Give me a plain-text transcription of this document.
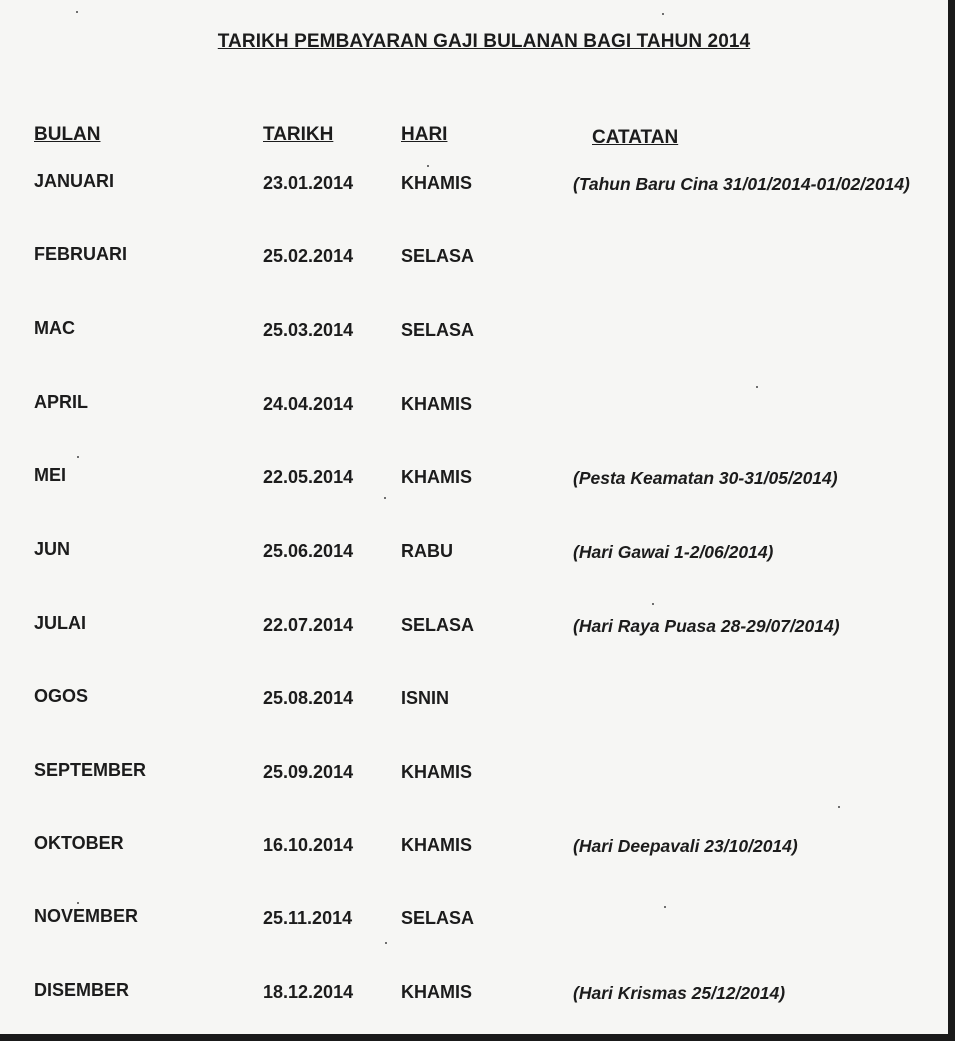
TARIKH PEMBAYARAN GAJI BULANAN BAGI TAHUN 2014
BULAN	TARIKH	HARI	CATATAN
JANUARI	23.01.2014	KHAMIS	(Tahun Baru Cina 31/01/2014-01/02/2014)
FEBRUARI	25.02.2014	SELASA
MAC	25.03.2014	SELASA
APRIL	24.04.2014	KHAMIS
MEI	22.05.2014	KHAMIS	(Pesta Keamatan 30-31/05/2014)
JUN	25.06.2014	RABU	(Hari Gawai 1-2/06/2014)
JULAI	22.07.2014	SELASA	(Hari Raya Puasa 28-29/07/2014)
OGOS	25.08.2014	ISNIN
SEPTEMBER	25.09.2014	KHAMIS
OKTOBER	16.10.2014	KHAMIS	(Hari Deepavali 23/10/2014)
NOVEMBER	25.11.2014	SELASA
DISEMBER	18.12.2014	KHAMIS	(Hari Krismas 25/12/2014)
